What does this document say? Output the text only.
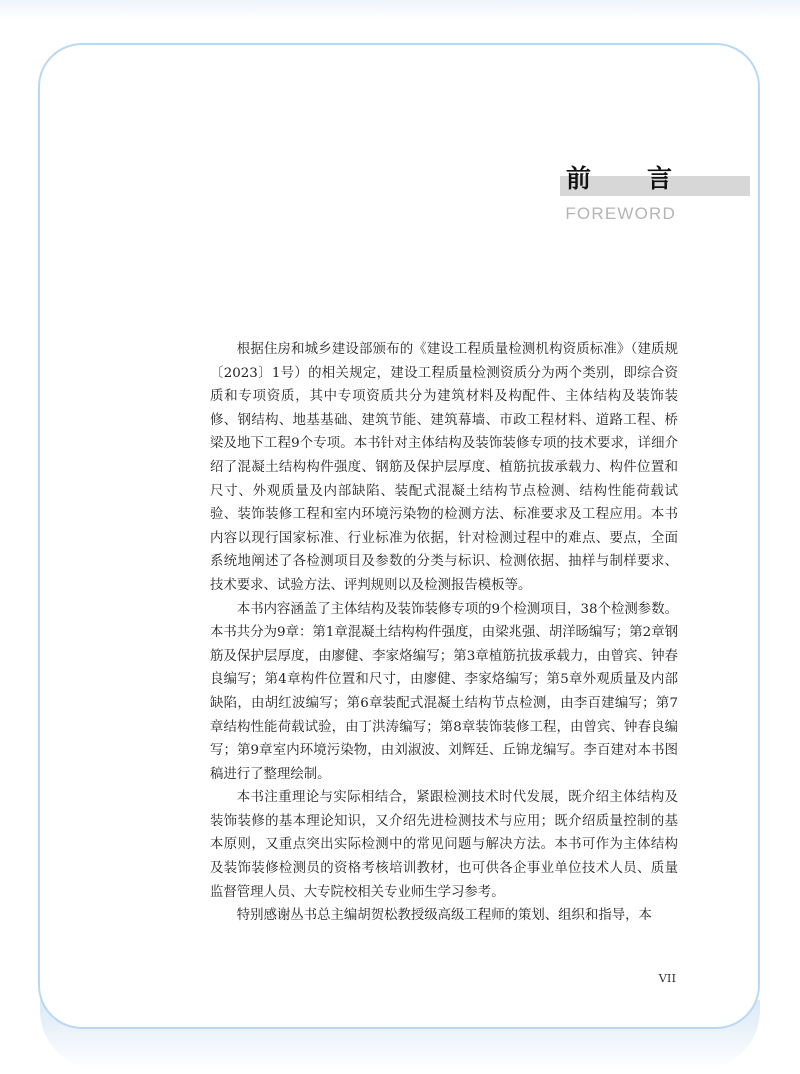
前　　言
FOREWORD

根据住房和城乡建设部颁布的《建设工程质量检测机构资质标准》（建质规〔2023〕1号）的相关规定，建设工程质量检测资质分为两个类别，即综合资质和专项资质，其中专项资质共分为建筑材料及构配件、主体结构及装饰装修、钢结构、地基基础、建筑节能、建筑幕墙、市政工程材料、道路工程、桥梁及地下工程9个专项。本书针对主体结构及装饰装修专项的技术要求，详细介绍了混凝土结构构件强度、钢筋及保护层厚度、植筋抗拔承载力、构件位置和尺寸、外观质量及内部缺陷、装配式混凝土结构节点检测、结构性能荷载试验、装饰装修工程和室内环境污染物的检测方法、标准要求及工程应用。本书内容以现行国家标准、行业标准为依据，针对检测过程中的难点、要点，全面系统地阐述了各检测项目及参数的分类与标识、检测依据、抽样与制样要求、技术要求、试验方法、评判规则以及检测报告模板等。

本书内容涵盖了主体结构及装饰装修专项的9个检测项目，38个检测参数。本书共分为9章：第1章混凝土结构构件强度，由梁兆强、胡洋旸编写；第2章钢筋及保护层厚度，由廖健、李家烙编写；第3章植筋抗拔承载力，由曾宾、钟春良编写；第4章构件位置和尺寸，由廖健、李家烙编写；第5章外观质量及内部缺陷，由胡红波编写；第6章装配式混凝土结构节点检测，由李百建编写；第7章结构性能荷载试验，由丁洪涛编写；第8章装饰装修工程，由曾宾、钟春良编写；第9章室内环境污染物，由刘淑波、刘辉廷、丘锦龙编写。李百建对本书图稿进行了整理绘制。

本书注重理论与实际相结合，紧跟检测技术时代发展，既介绍主体结构及装饰装修的基本理论知识，又介绍先进检测技术与应用；既介绍质量控制的基本原则，又重点突出实际检测中的常见问题与解决方法。本书可作为主体结构及装饰装修检测员的资格考核培训教材，也可供各企事业单位技术人员、质量监督管理人员、大专院校相关专业师生学习参考。

特别感谢丛书总主编胡贺松教授级高级工程师的策划、组织和指导，本

VII
